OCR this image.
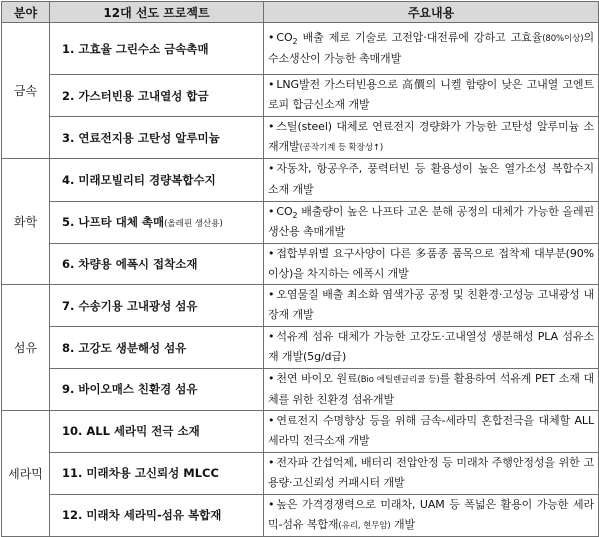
분야	12대 선도 프로젝트	주요내용
금속	1. 고효율 그린수소 금속촉매	• $CO_2$ 배출 제로 기술로 고전압·대전류에 강하고 고효율(80%이상)의 수소생산이 가능한 촉매개발
	2. 가스터빈용 고내열성 합금	• LNG발전 가스터빈용으로 高價의 니켈 함량이 낮은 고내열 고엔트로피 합금신소재 개발
	3. 연료전지용 고탄성 알루미늄	• 스틸(steel) 대체로 연료전지 경량화가 가능한 고탄성 알루미늄 소재개발(공작기계 등 확장성↑)
화학	4. 미래모빌리티 경량복합수지	• 자동차, 항공우주, 풍력터빈 등 활용성이 높은 열가소성 복합수지 소재 개발
	5. 나프타 대체 촉매(올레핀 생산용)	• $CO_2$ 배출량이 높은 나프타 고온 분해 공정의 대체가 가능한 올레핀 생산용 촉매개발
	6. 차량용 에폭시 접착소재	• 접합부위별 요구사양이 다른 多품종 품목으로 접착제 대부분(90%이상)을 차지하는 에폭시 개발
섬유	7. 수송기용 고내광성 섬유	• 오염물질 배출 최소화 염색가공 공정 및 친환경·고성능 고내광성 내장재 개발
	8. 고강도 생분해성 섬유	• 석유계 섬유 대체가 가능한 고강도·고내열성 생분해성 PLA 섬유소재 개발(5g/d급)
	9. 바이오매스 친환경 섬유	• 천연 바이오 원료(Bio 에틸렌글리콜 등)를 활용하여 석유계 PET 소재 대체를 위한 친환경 섬유개발
세라믹	10. ALL 세라믹 전극 소재	• 연료전지 수명향상 등을 위해 금속-세라믹 혼합전극을 대체할 ALL 세라믹 전극소재 개발
	11. 미래차용 고신뢰성 MLCC	• 전자파 간섭억제, 배터리 전압안정 등 미래차 주행안정성을 위한 고용량·고신뢰성 커패시터 개발
	12. 미래차 세라믹-섬유 복합재	• 높은 가격경쟁력으로 미래차, UAM 등 폭넓은 활용이 가능한 세라믹-섬유 복합재(유리, 현무암) 개발
